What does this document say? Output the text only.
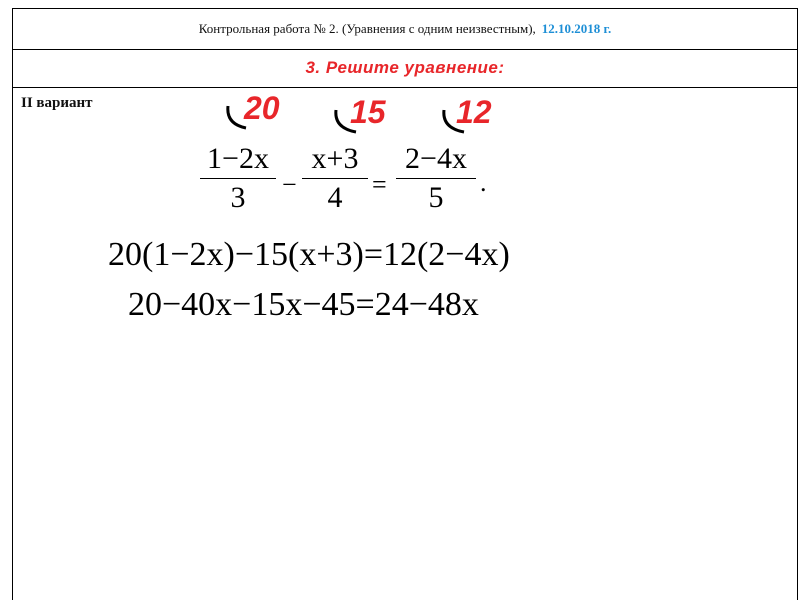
Контрольная работа № 2. (Уравнения с одним неизвестным), 12.10.2018 г.
3. Решите уравнение:
II вариант	20 15 12
1−2x
3	−
x+3
4	=
2−4x
5	.
20(1−2x)−15(x+3)=12(2−4x)
20−40x−15x−45=24−48x
